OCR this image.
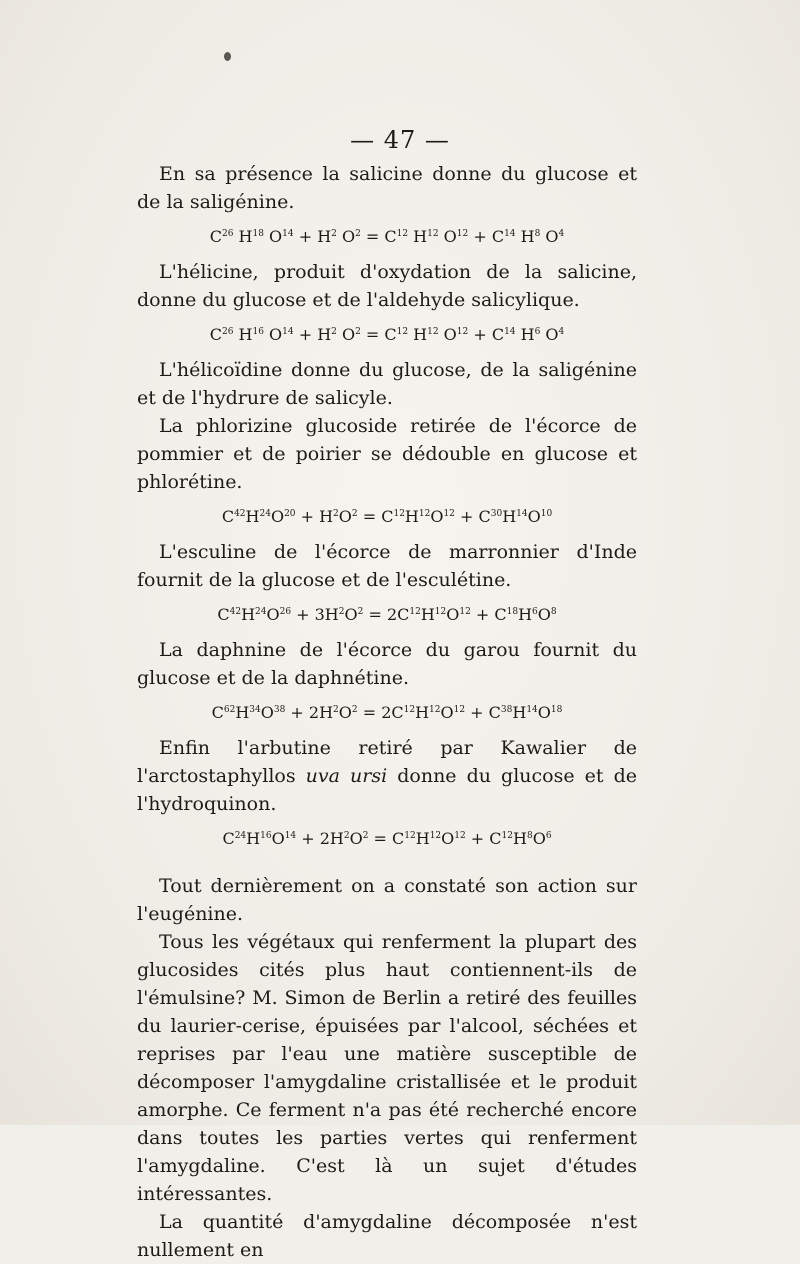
— 47 —

En sa présence la salicine donne du glucose et de la saligénine.

$C^{26}$ $H^{18}$ $O^{14} + H^2$ $O^2 = C^{12}$ $H^{12}$ $O^{12} + C^{14}$ $H^8$ $O^4$

L'hélicine, produit d'oxydation de la salicine, donne du glucose et de l'aldehyde salicylique.

$C^{26}$ $H^{16}$ $O^{14} + H^2$ $O^2 = C^{12}$ $H^{12}$ $O^{12} + C^{14}$ $H^6$ $O^4$

L'hélicoïdine donne du glucose, de la saligénine et de l'hydrure de salicyle.

La phlorizine glucoside retirée de l'écorce de pommier et de poirier se dédouble en glucose et phlorétine.

$C^{42}H^{24}O^{20} + H^2O^2 = C^{12}H^{12}O^{12} + C^{30}H^{14}O^{10}$

L'esculine de l'écorce de marronnier d'Inde fournit de la glucose et de l'esculétine.

$C^{42}H^{24}O^{26} + 3H^2O^2 = 2C^{12}H^{12}O^{12} + C^{18}H^6O^8$

La daphnine de l'écorce du garou fournit du glucose et de la daphnétine.

$C^{62}H^{34}O^{38} + 2H^2O^2 = 2C^{12}H^{12}O^{12} + C^{38}H^{14}O^{18}$

Enfin l'arbutine retiré par Kawalier de l'arctostaphyllos uva ursi donne du glucose et de l'hydroquinon.

$C^{24}H^{16}O^{14} + 2H^2O^2 = C^{12}H^{12}O^{12} + C^{12}H^8O^6$

Tout dernièrement on a constaté son action sur l'eugénine.

Tous les végétaux qui renferment la plupart des glucosides cités plus haut contiennent-ils de l'émulsine? M. Simon de Berlin a retiré des feuilles du laurier-cerise, épuisées par l'alcool, séchées et reprises par l'eau une matière susceptible de décomposer l'amygdaline cristallisée et le produit amorphe. Ce ferment n'a pas été recherché encore dans toutes les parties vertes qui renferment l'amygdaline. C'est là un sujet d'études intéressantes.

La quantité d'amygdaline décomposée n'est nullement en
